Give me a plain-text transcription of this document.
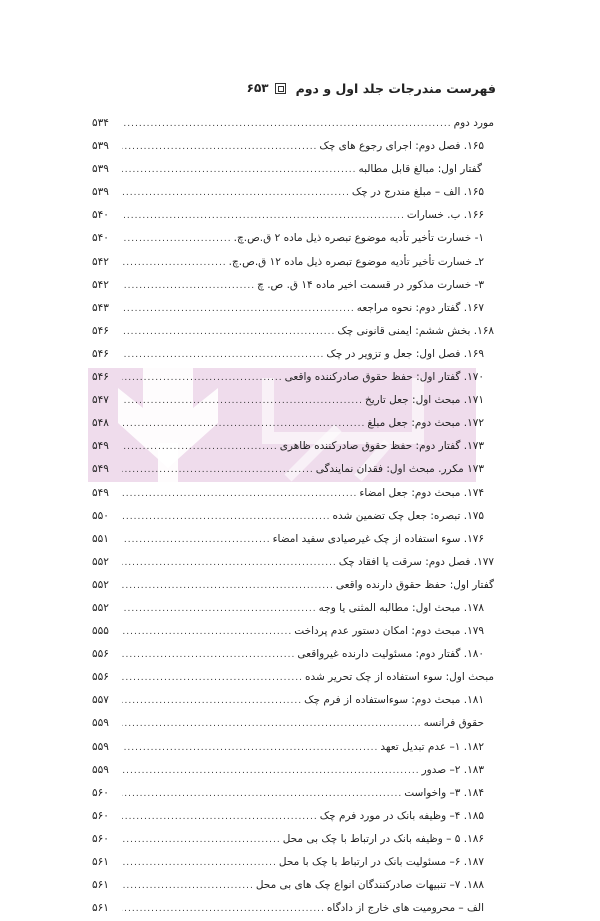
فهرست مندرجات جلد اول و دوم
۶۵۳
مورد دوم
.....
۵۳۴
۱۶۵. فصل دوم: اجرای رجوع های چک
.....
۵۳۹
گفتار اول: مبالغ قابل مطالبه
.....
۵۳۹
۱۶۵. الف – مبلغ مندرج در چک
.....
۵۳۹
۱۶۶. ب. خسارات
.....
۵۴۰
۱- خسارت تأخیر تأدیه موضوع تبصره ذیل ماده ۲ ق.ص.چ.
.....
۵۴۰
۲ـ خسارت تأخیر تأدیه موضوع تبصره ذیل ماده ۱۲ ق.ص.چ.
.....
۵۴۲
۳- خسارت مذکور در قسمت اخیر ماده ۱۴ ق. ص. چ
.....
۵۴۲
۱۶۷. گفتار دوم: نحوه مراجعه
.....
۵۴۳
۱۶۸. بخش ششم: ایمنی قانونی چک
.....
۵۴۶
۱۶۹. فصل اول: جعل و تزویر در چک
.....
۵۴۶
۱۷۰. گفتار اول: حفظ حقوق صادرکننده واقعی
.....
۵۴۶
۱۷۱. مبحث اول: جعل تاریخ
.....
۵۴۷
۱۷۲. مبحث دوم: جعل مبلغ
.....
۵۴۸
۱۷۳. گفتار دوم: حفظ حقوق صادرکننده ظاهری
.....
۵۴۹
۱۷۳ مکرر. مبحث اول: فقدان نمایندگی
.....
۵۴۹
۱۷۴. مبحث دوم: جعل امضاء
.....
۵۴۹
۱۷۵. تبصره: جعل چک تضمین شده
.....
۵۵۰
۱۷۶. سوء استفاده از چک غیرصیادی سفید امضاء
.....
۵۵۱
۱۷۷. فصل دوم: سرقت یا افقاد چک
.....
۵۵۲
گفتار اول: حفظ حقوق دارنده واقعی
.....
۵۵۲
۱۷۸. مبحث اول: مطالبه المثنی یا وجه
.....
۵۵۲
۱۷۹. مبحث دوم: امکان دستور عدم پرداخت
.....
۵۵۵
۱۸۰. گفتار دوم: مسئولیت دارنده غیرواقعی
.....
۵۵۶
مبحث اول: سوء استفاده از چک تحریر شده
.....
۵۵۶
۱۸۱. مبحث دوم: سوءاستفاده از فرم چک
.....
۵۵۷
حقوق فرانسه
.....
۵۵۹
۱۸۲. ۱– عدم تبدیل تعهد
.....
۵۵۹
۱۸۳. ۲– صدور
.....
۵۵۹
۱۸۴. ۳– واخواست
.....
۵۶۰
۱۸۵. ۴– وظیفه بانک در مورد فرم چک
.....
۵۶۰
۱۸۶. ۵ – وظیفه بانک در ارتباط با چک بی محل
.....
۵۶۰
۱۸۷. ۶– مسئولیت بانک در ارتباط با چک با محل
.....
۵۶۱
۱۸۸. ۷– تنبیهات صادرکنندگان انواع چک های بی محل
.....
۵۶۱
الف – محرومیت های خارج از دادگاه
.....
۵۶۱
